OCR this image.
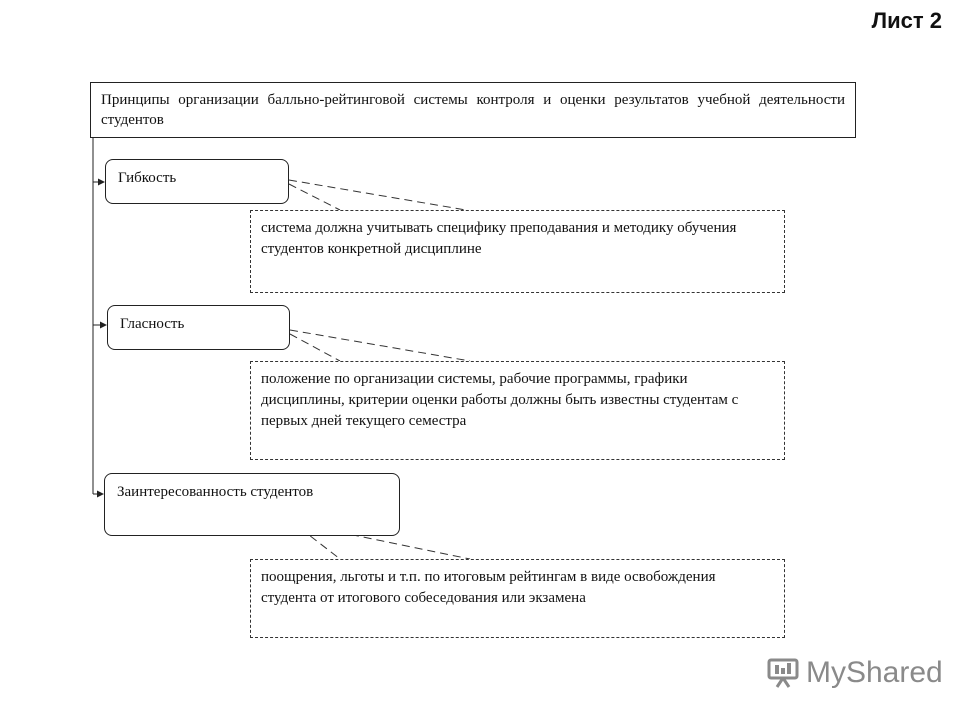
Лист 2
Принципы организации балльно-рейтинговой системы контроля и оценки результатов учебной деятельности студентов
Гибкость
система должна учитывать специфику преподавания и методику обучения студентов конкретной дисциплине
Гласность
положение по организации системы, рабочие программы, графики дисциплины, критерии оценки работы должны быть известны студентам с первых дней текущего семестра
Заинтересованность студентов
поощрения, льготы и т.п. по итоговым рейтингам в виде освобождения студента от итогового собеседования или экзамена
MyShared
